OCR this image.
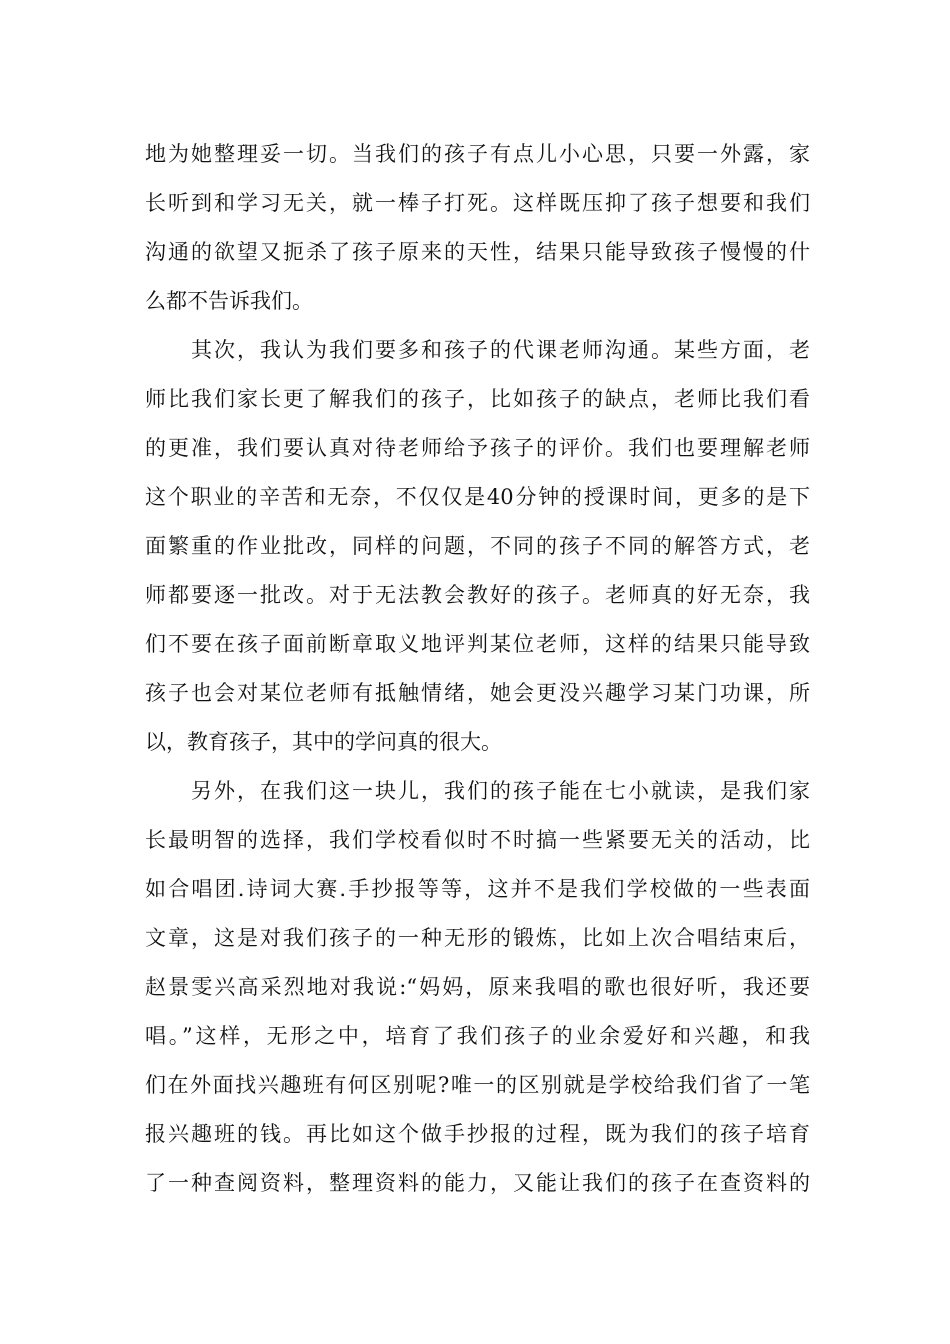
地为她整理妥一切。当我们的孩子有点儿小心思，只要一外露，家
长听到和学习无关，就一棒子打死。这样既压抑了孩子想要和我们
沟通的欲望又扼杀了孩子原来的天性，结果只能导致孩子慢慢的什
么都不告诉我们。
其次，我认为我们要多和孩子的代课老师沟通。某些方面，老
师比我们家长更了解我们的孩子，比如孩子的缺点，老师比我们看
的更准，我们要认真对待老师给予孩子的评价。我们也要理解老师
这个职业的辛苦和无奈，不仅仅是40分钟的授课时间，更多的是下
面繁重的作业批改，同样的问题，不同的孩子不同的解答方式，老
师都要逐一批改。对于无法教会教好的孩子。老师真的好无奈，我
们不要在孩子面前断章取义地评判某位老师，这样的结果只能导致
孩子也会对某位老师有抵触情绪，她会更没兴趣学习某门功课，所
以，教育孩子，其中的学问真的很大。
另外，在我们这一块儿，我们的孩子能在七小就读，是我们家
长最明智的选择，我们学校看似时不时搞一些紧要无关的活动，比
如合唱团.诗词大赛.手抄报等等，这并不是我们学校做的一些表面
文章，这是对我们孩子的一种无形的锻炼，比如上次合唱结束后，
赵景雯兴高采烈地对我说:“妈妈，原来我唱的歌也很好听，我还要
唱。”这样，无形之中，培育了我们孩子的业余爱好和兴趣，和我
们在外面找兴趣班有何区别呢?唯一的区别就是学校给我们省了一笔
报兴趣班的钱。再比如这个做手抄报的过程，既为我们的孩子培育
了一种查阅资料，整理资料的能力，又能让我们的孩子在查资料的
